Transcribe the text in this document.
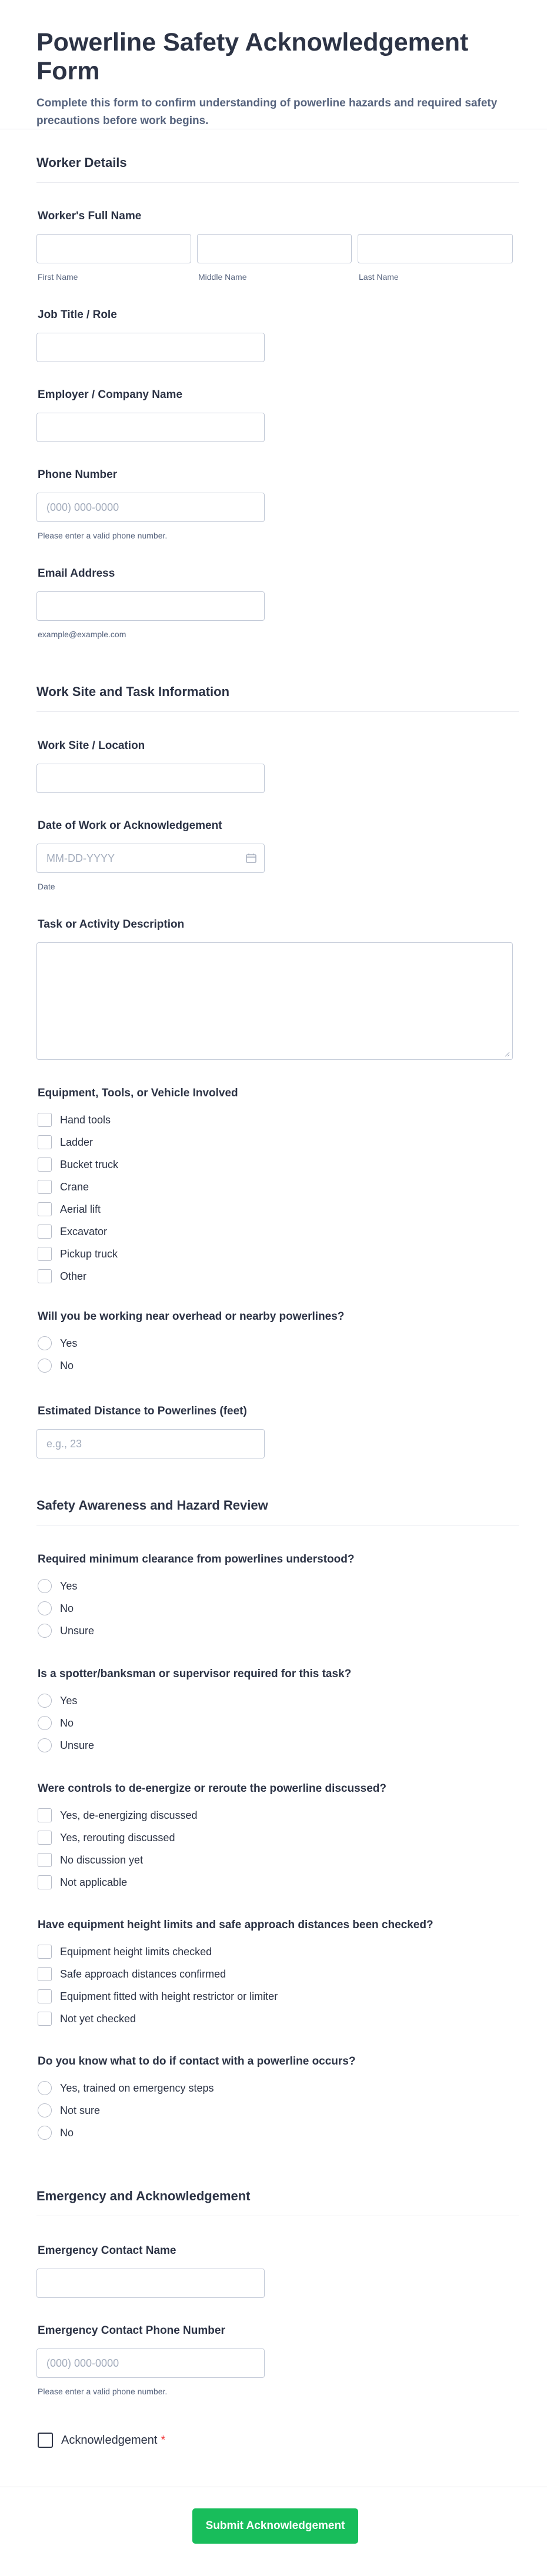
Powerline Safety Acknowledgement Form

Complete this form to confirm understanding of powerline hazards and required safety precautions before work begins.

Worker Details
Worker's Full Name
First Name	Middle Name	Last Name
Job Title / Role
Employer / Company Name
Phone Number
(000) 000-0000
Please enter a valid phone number.
Email Address
example@example.com
Work Site and Task Information
Work Site / Location
Date of Work or Acknowledgement
MM-DD-YYYY
Date
Task or Activity Description
Equipment, Tools, or Vehicle Involved
Hand tools
Ladder
Bucket truck
Crane
Aerial lift
Excavator
Pickup truck
Other
Will you be working near overhead or nearby powerlines?
Yes
No
Estimated Distance to Powerlines (feet)
e.g., 23
Safety Awareness and Hazard Review
Required minimum clearance from powerlines understood?
Yes
No
Unsure
Is a spotter/banksman or supervisor required for this task?
Yes
No
Unsure
Were controls to de-energize or reroute the powerline discussed?
Yes, de-energizing discussed
Yes, rerouting discussed
No discussion yet
Not applicable
Have equipment height limits and safe approach distances been checked?
Equipment height limits checked
Safe approach distances confirmed
Equipment fitted with height restrictor or limiter
Not yet checked
Do you know what to do if contact with a powerline occurs?
Yes, trained on emergency steps
Not sure
No
Emergency and Acknowledgement
Emergency Contact Name
Emergency Contact Phone Number
(000) 000-0000
Please enter a valid phone number.
Acknowledgement *
Submit Acknowledgement
